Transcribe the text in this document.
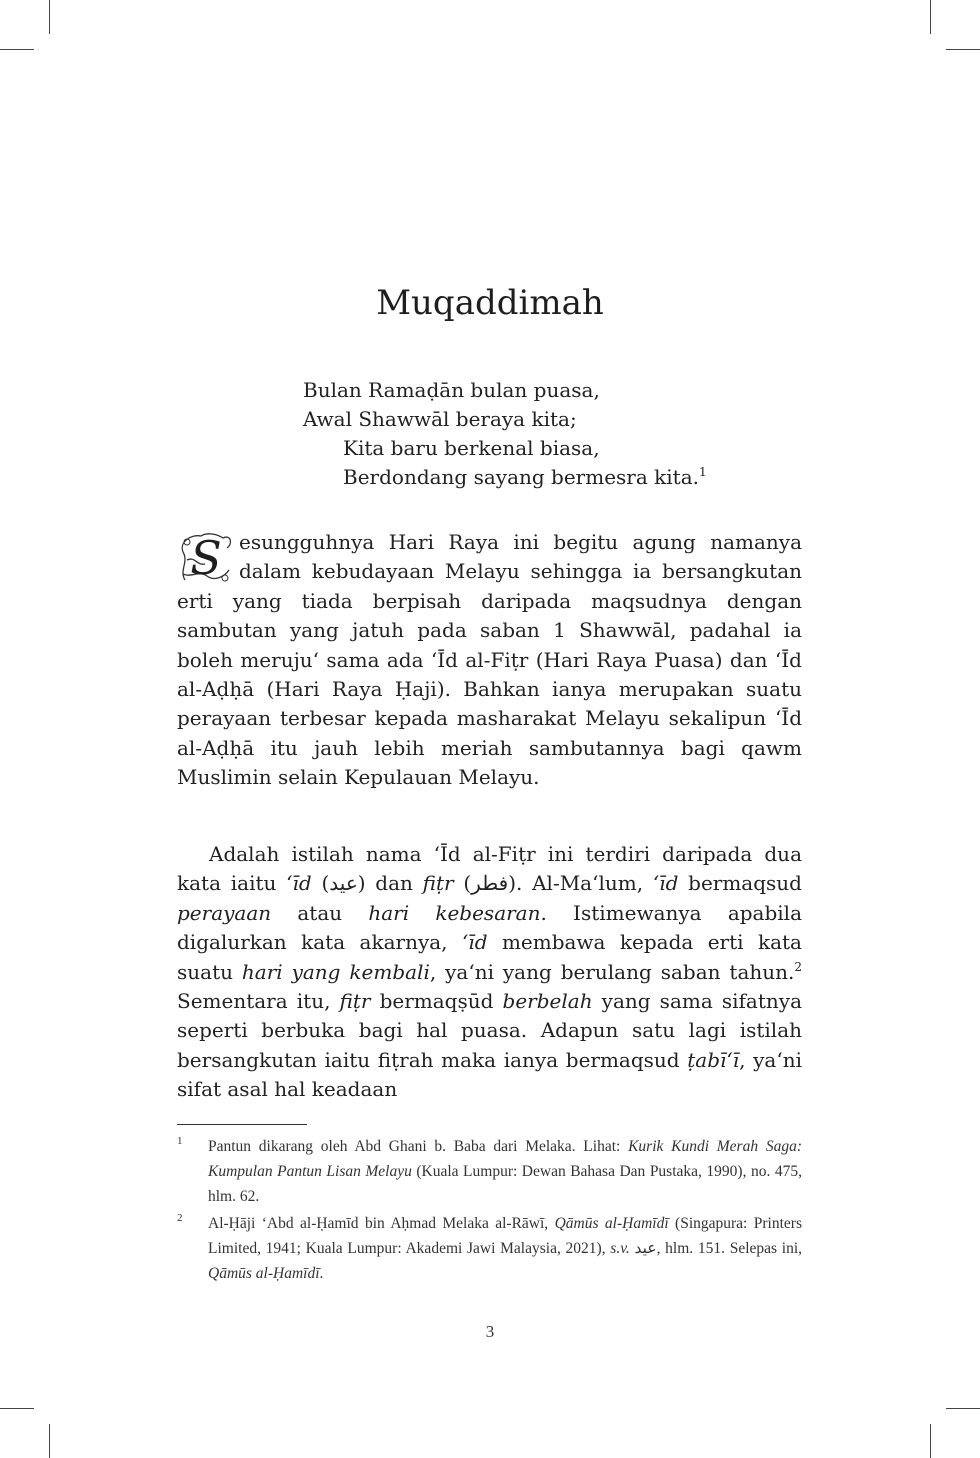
Muqaddimah
Bulan Ramaḍān bulan puasa,
Awal Shawwāl beraya kita;
Kita baru berkenal biasa,
Berdondang sayang bermesra kita.$^1$

S esungguhnya Hari Raya ini begitu agung namanya dalam kebudayaan Melayu sehingga ia bersangkutan erti yang tiada berpisah daripada maqsudnya dengan sambutan yang jatuh pada saban 1 Shawwāl, padahal ia boleh meruju‘ sama ada ‘Īd al-Fiṭr (Hari Raya Puasa) dan ‘Īd al-Aḍḥā (Hari Raya Ḥaji). Bahkan ianya merupakan suatu perayaan terbesar kepada masharakat Melayu sekalipun ‘Īd al-Aḍḥā itu jauh lebih meriah sambutannya bagi qawm Muslimin selain Kepulauan Melayu.

Adalah istilah nama ‘Īd al-Fiṭr ini terdiri daripada dua kata iaitu ‘īd (عيد) dan fiṭr (فطر). Al-Ma‘lum, ‘īd bermaqsud perayaan atau hari kebesaran. Istimewanya apabila digalurkan kata akarnya, ‘īd membawa kepada erti kata suatu hari yang kembali, ya‘ni yang berulang saban tahun.$^2$ Sementara itu, fiṭr bermaqṣūd berbelah yang sama sifatnya seperti berbuka bagi hal puasa. Adapun satu lagi istilah bersangkutan iaitu fiṭrah maka ianya bermaqsud ṭabī‘ī, ya‘ni sifat asal hal keadaan

1 Pantun dikarang oleh Abd Ghani b. Baba dari Melaka. Lihat: Kurik Kundi Merah Saga: Kumpulan Pantun Lisan Melayu (Kuala Lumpur: Dewan Bahasa Dan Pustaka, 1990), no. 475, hlm. 62.
2 Al-Ḥāji ‘Abd al-Ḥamīd bin Aḥmad Melaka al-Rāwī, Qāmūs al-Ḥamīdī (Singapura: Printers Limited, 1941; Kuala Lumpur: Akademi Jawi Malaysia, 2021), s.v. عيد, hlm. 151. Selepas ini, Qāmūs al-Ḥamīdī.
3
